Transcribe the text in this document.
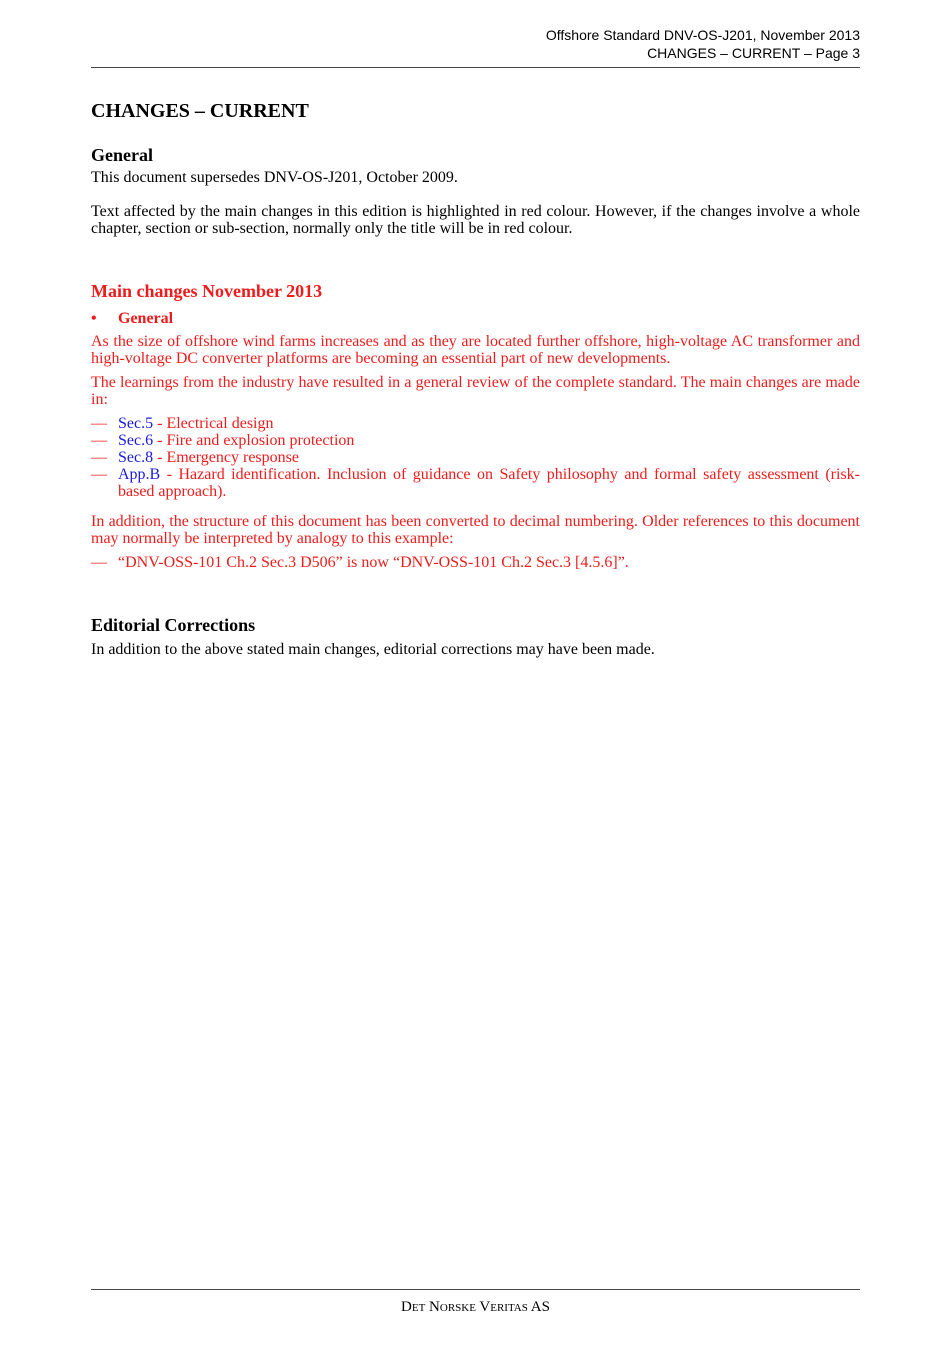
Offshore Standard DNV-OS-J201, November 2013
CHANGES – CURRENT – Page 3
CHANGES – CURRENT
General

This document supersedes DNV-OS-J201, October 2009.

Text affected by the main changes in this edition is highlighted in red colour. However, if the changes involve a whole chapter, section or sub-section, normally only the title will be in red colour.

Main changes November 2013
• General

As the size of offshore wind farms increases and as they are located further offshore, high-voltage AC transformer and high-voltage DC converter platforms are becoming an essential part of new developments.

The learnings from the industry have resulted in a general review of the complete standard. The main changes are made in:

— Sec.5 - Electrical design
— Sec.6 - Fire and explosion protection
— Sec.8 - Emergency response
— App.B - Hazard identification. Inclusion of guidance on Safety philosophy and formal safety assessment (risk-based approach).

In addition, the structure of this document has been converted to decimal numbering. Older references to this document may normally be interpreted by analogy to this example:

— “DNV-OSS-101 Ch.2 Sec.3 D506” is now “DNV-OSS-101 Ch.2 Sec.3 [4.5.6]”.
Editorial Corrections

In addition to the above stated main changes, editorial corrections may have been made.

Det Norske Veritas AS
